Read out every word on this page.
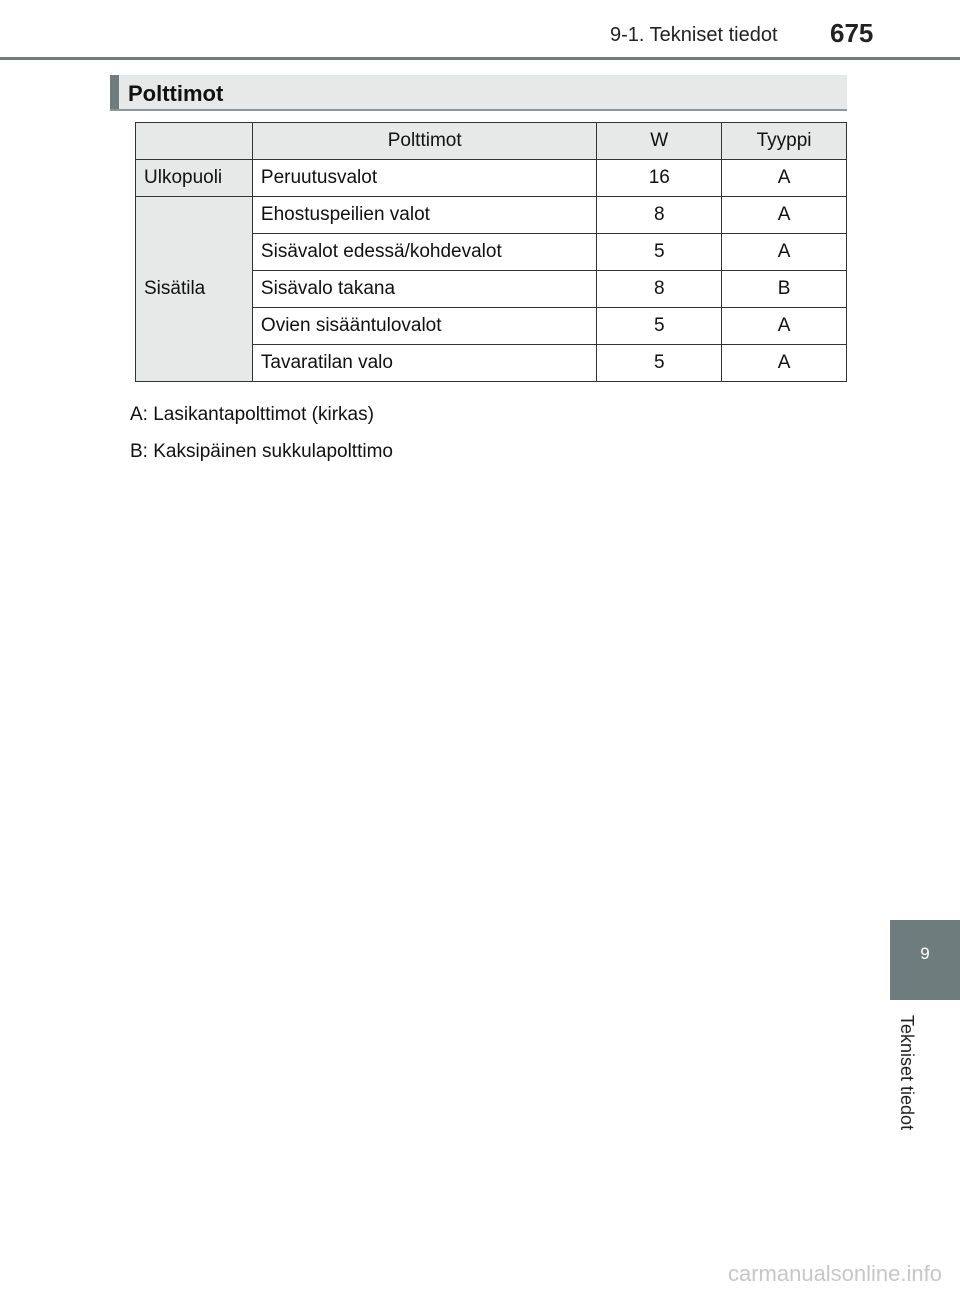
9-1. Tekniset tiedot 675
Polttimot
	Polttimot	W	Tyyppi
Ulkopuoli	Peruutusvalot	16	A
Sisätila	Ehostuspeilien valot	8	A
	Sisävalot edessä/kohdevalot	5	A
	Sisävalo takana	8	B
	Ovien sisääntulovalot	5	A
	Tavaratilan valo	5	A
A: Lasikantapolttimot (kirkas)
B: Kaksipäinen sukkulapolttimo
9
Tekniset tiedot
carmanualsonline.info
